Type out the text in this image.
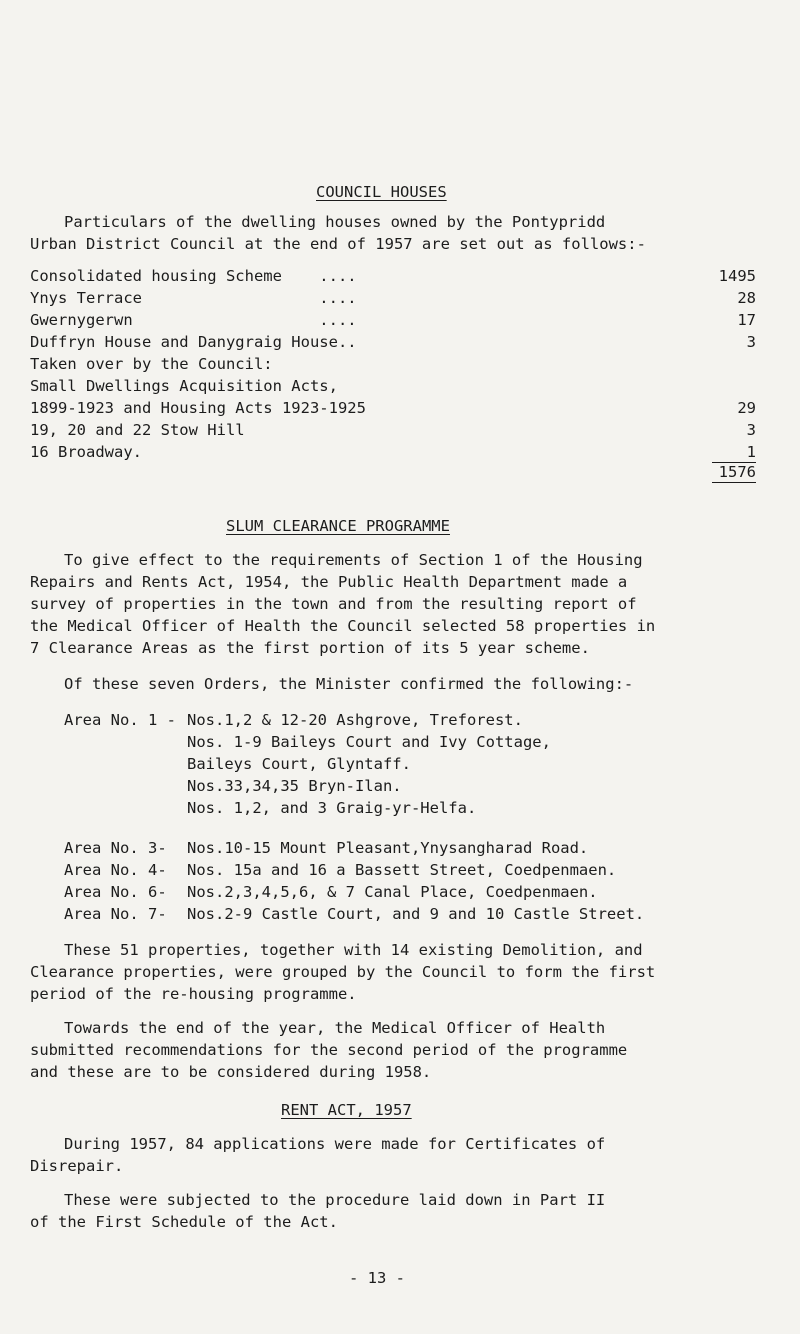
COUNCIL HOUSES
Particulars of the dwelling houses owned by the Pontypridd
Urban District Council at the end of 1957 are set out as follows:-
Consolidated housing Scheme    ....	1495
Ynys Terrace                   ....	28
Gwernygerwn                    ....	17
Duffryn House and Danygraig House..	3
Taken over by the Council:
Small Dwellings Acquisition Acts,
1899-1923 and Housing Acts 1923-1925	29
19, 20 and 22 Stow Hill	3
16 Broadway.	1
1576
SLUM CLEARANCE PROGRAMME
To give effect to the requirements of Section 1 of the Housing
Repairs and Rents Act, 1954, the Public Health Department made a
survey of properties in the town and from the resulting report of
the Medical Officer of Health the Council selected 58 properties in
7 Clearance Areas as the first portion of its 5 year scheme.
Of these seven Orders, the Minister confirmed the following:-
Area No. 1 - Nos.1,2 & 12-20 Ashgrove, Treforest.
Nos. 1-9 Baileys Court and Ivy Cottage,
Baileys Court, Glyntaff.
Nos.33,34,35 Bryn-Ilan.
Nos. 1,2, and 3 Graig-yr-Helfa.
Area No. 3- Nos.10-15 Mount Pleasant,Ynysangharad Road.
Area No. 4- Nos. 15a and 16 a Bassett Street, Coedpenmaen.
Area No. 6- Nos.2,3,4,5,6, & 7 Canal Place, Coedpenmaen.
Area No. 7- Nos.2-9 Castle Court, and 9 and 10 Castle Street.
These 51 properties, together with 14 existing Demolition, and
Clearance properties, were grouped by the Council to form the first
period of the re-housing programme.
Towards the end of the year, the Medical Officer of Health
submitted recommendations for the second period of the programme
and these are to be considered during 1958.
RENT ACT, 1957
During 1957, 84 applications were made for Certificates of
Disrepair.
These were subjected to the procedure laid down in Part II
of the First Schedule of the Act.
- 13 -
